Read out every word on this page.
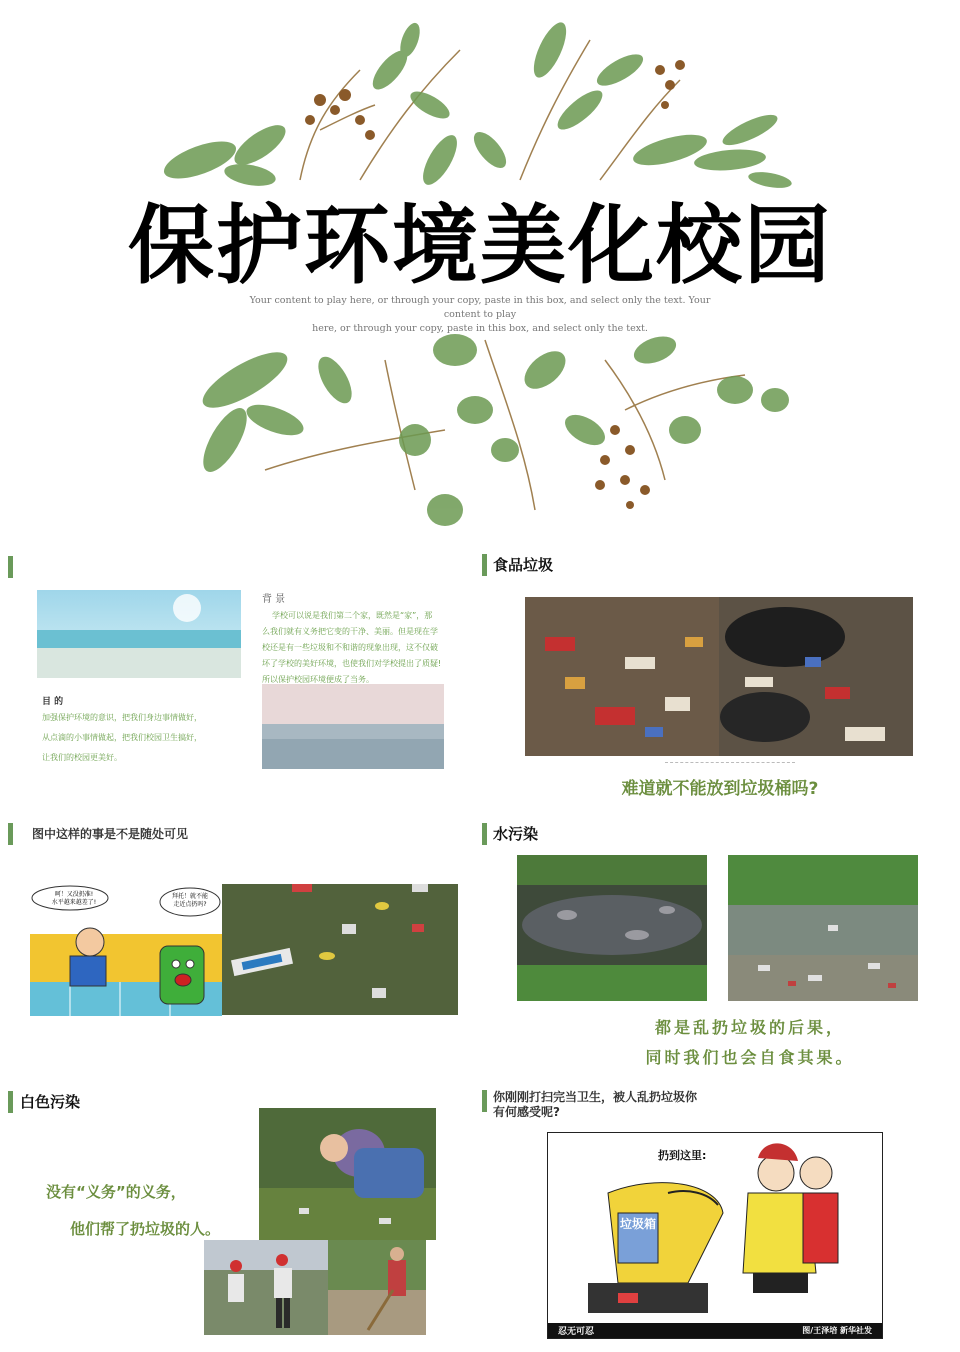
保护环境美化校园
Your content to play here, or through your copy, paste in this box, and select only the text. Your content to play
here, or through your copy, paste in this box, and select only the text.
背 景
学校可以说是我们第二个家，既然是“家”，那
么我们就有义务把它变的干净、美丽。但是现在学
校还是有一些垃圾和不和谐的现象出现，这不仅破
坏了学校的美好环境，也使我们对学校提出了质疑!
所以保护校园环境便成了当务。
目 的
加强保护环境的意识，把我们身边事情做好，
从点滴的小事情做起，把我们校园卫生搞好，
让我们的校园更美好。
食品垃圾
难道就不能放到垃圾桶吗?
图中这样的事是不是随处可见
呵！又没扔准!
水平越来越差了!
拜托！就不能
走近点扔吗?
水污染
都是乱扔垃圾的后果，
同时我们也会自食其果。
白色污染
没有“义务”的义务，
他们帮了扔垃圾的人。
你刚刚打扫完当卫生，被人乱扔垃圾你
有何感受呢?
扔到这里:
垃圾箱
忍无可忍	图/王泽培 新华社发
